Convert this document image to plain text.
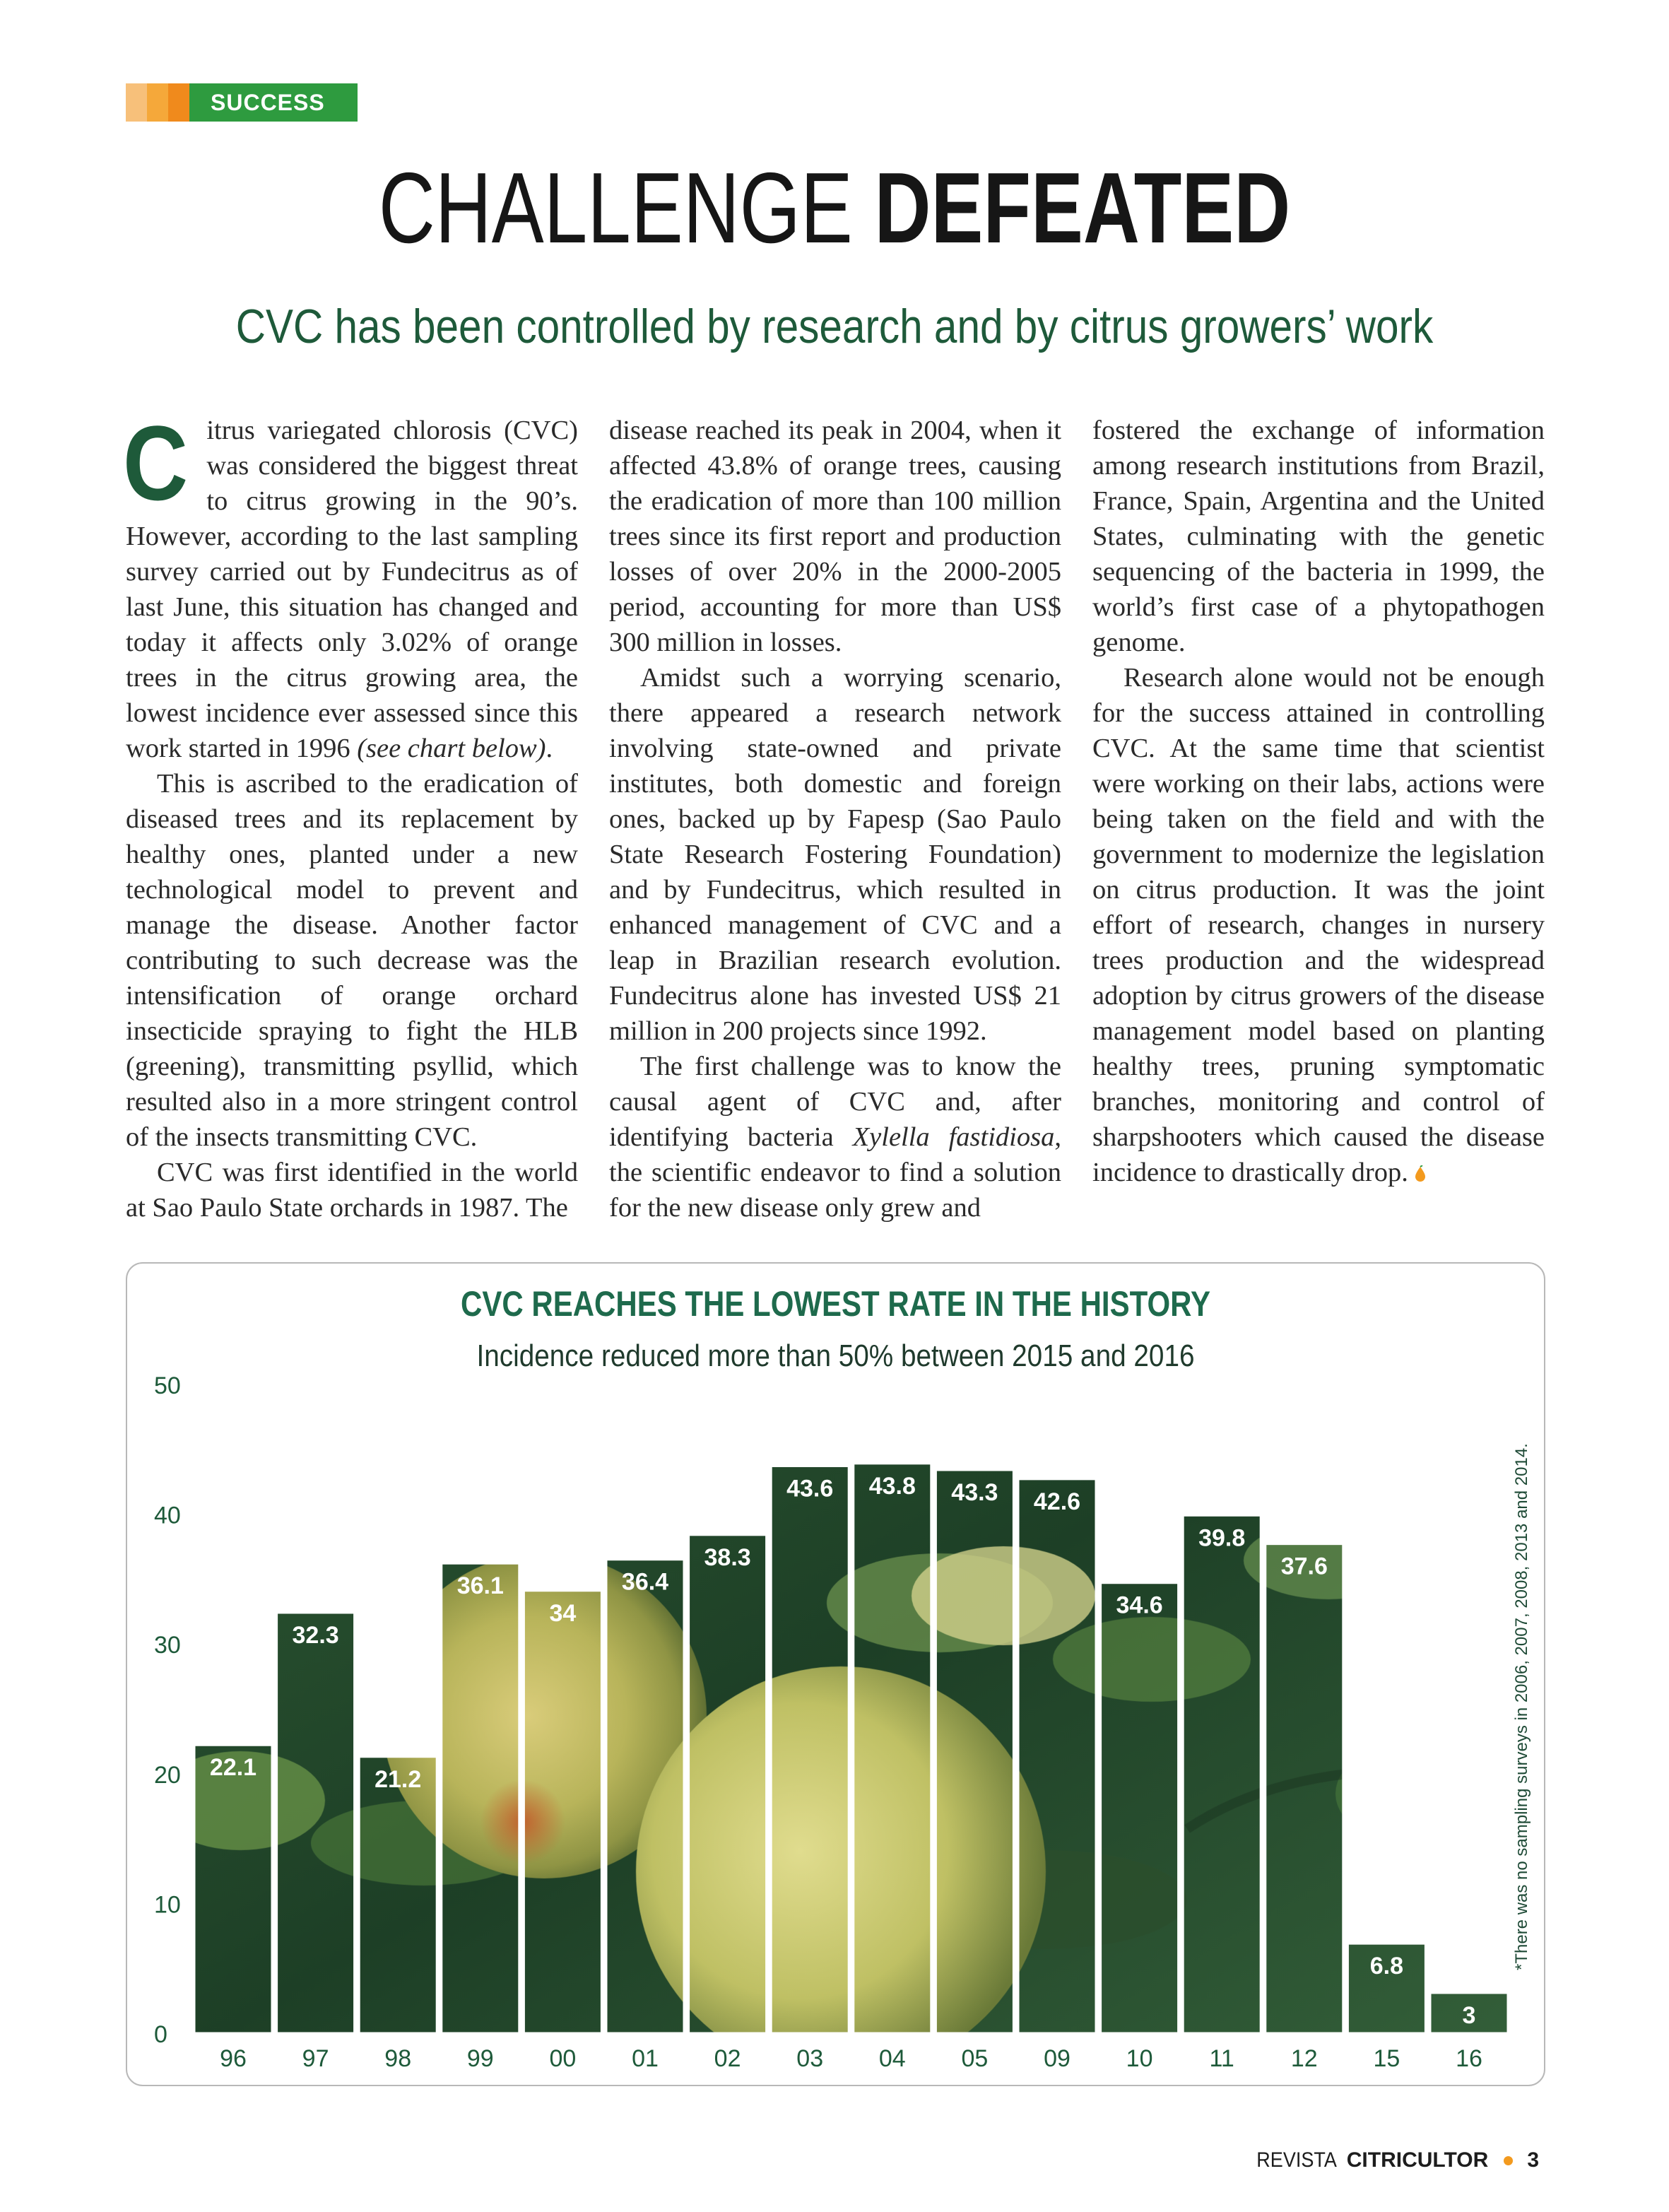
SUCCESS
CHALLENGE DEFEATED
CVC has been controlled by research and by citrus growers’ work

Citrus variegated chlorosis (CVC) was considered the biggest threat to citrus growing in the 90’s. However, according to the last sampling survey carried out by Fundecitrus as of last June, this situation has changed and today it affects only 3.02% of orange trees in the citrus growing area, the lowest incidence ever assessed since this work started in 1996 (see chart below).

This is ascribed to the eradication of diseased trees and its replacement by healthy ones, planted under a new technological model to prevent and manage the disease. Another factor contributing to such decrease was the intensification of orange orchard insecticide spraying to fight the HLB (greening), transmitting psyllid, which resulted also in a more stringent control of the insects transmitting CVC.

CVC was first identified in the world at Sao Paulo State orchards in 1987. The

disease reached its peak in 2004, when it affected 43.8% of orange trees, causing the eradication of more than 100 million trees since its first report and production losses of over 20% in the 2000-2005 period, accounting for more than US$ 300 million in losses.

Amidst such a worrying scenario, there appeared a research network involving state-owned and private institutes, both domestic and foreign ones, backed up by Fapesp (Sao Paulo State Research Fostering Foundation) and by Fundecitrus, which resulted in enhanced management of CVC and a leap in Brazilian research evolution. Fundecitrus alone has invested US$ 21 million in 200 projects since 1992.

The first challenge was to know the causal agent of CVC and, after identifying bacteria Xylella fastidiosa, the scientific endeavor to find a solution for the new disease only grew and

fostered the exchange of information among research institutions from Brazil, France, Spain, Argentina and the United States, culminating with the genetic sequencing of the bacteria in 1999, the world’s first case of a phytopathogen genome.

Research alone would not be enough for the success attained in controlling CVC. At the same time that scientist were working on their labs, actions were being taken on the field and with the government to modernize the legislation on citrus production. It was the joint effort of research, changes in nursery trees production and the widespread adoption by citrus growers of the disease management model based on planting healthy trees, pruning symptomatic branches, monitoring and control of sharpshooters which caused the disease incidence to drastically drop.

0
10
20
30
40
50
96 97 98 99 00 01 02 03 04 05 09 10 11 12 15 16
22.1
32.3
21.2
36.1
34
36.4
38.3
43.6 43.8 43.3 42.6
34.6
39.8
37.6
6.8
3
CVC REACHES THE LOWEST RATE IN THE HISTORY
Incidence reduced more than 50% between 2015 and 2016
*There was no sampling surveys in 2006, 2007, 2008, 2013 and 2014.
REVISTA CITRICULTOR 3
